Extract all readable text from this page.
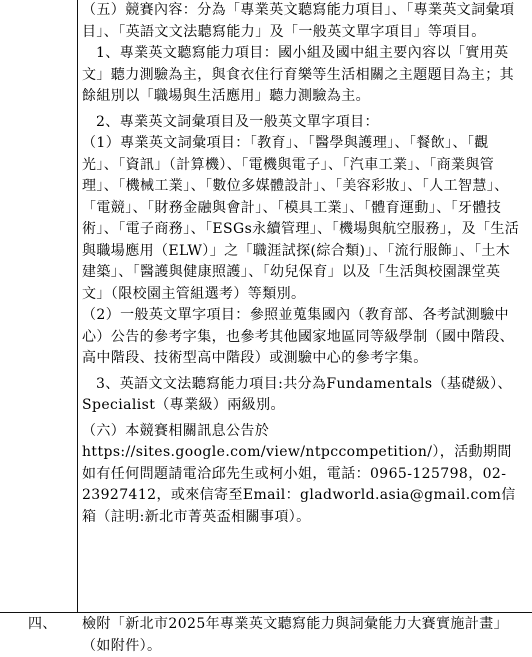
（五）競賽內容：分為「專業英文聽寫能力項目」、「專業英文詞彙項目」、「英語文文法聽寫能力」及「一般英文單字項目」等項目。

1、專業英文聽寫能力項目：國小組及國中組主要內容以「實用英文」聽力測驗為主，與食衣住行育樂等生活相關之主題題目為主；其餘組別以「職場與生活應用」聽力測驗為主。

2、專業英文詞彙項目及一般英文單字項目：

（1）專業英文詞彙項目：「教育」、「醫學與護理」、「餐飲」、「觀光」、「資訊」（計算機）、「電機與電子」、「汽車工業」、「商業與管理」、「機械工業」、「數位多媒體設計」、「美容彩妝」、「人工智慧」、「電競」、「財務金融與會計」、「模具工業」、「體育運動」、「牙體技術」、「電子商務」、「ESGs永續管理」、「機場與航空服務」，及「生活與職場應用（ELW）」之「職涯試探(綜合類)」、「流行服飾」、「土木建築」、「醫護與健康照護」、「幼兒保育」以及「生活與校園課堂英文」（限校園主管組選考）等類別。

（2）一般英文單字項目：參照並蒐集國內（教育部、各考試測驗中心）公告的參考字集，也參考其他國家地區同等級學制（國中階段、高中階段、技術型高中階段）或測驗中心的參考字集。

3、英語文文法聽寫能力項目:共分為Fundamentals（基礎級）、Specialist（專業級）兩級別。

（六）本競賽相關訊息公告於https://sites.google.com/view/ntpccompetition/），活動期間如有任何問題請電洽邱先生或柯小姐，電話：0965-125798，02-23927412，或來信寄至Email：gladworld.asia@gmail.com信箱（註明:新北市菁英盃相關事項）。

四、 檢附「新北市2025年專業英文聽寫能力與詞彙能力大賽實施計畫」（如附件）。
